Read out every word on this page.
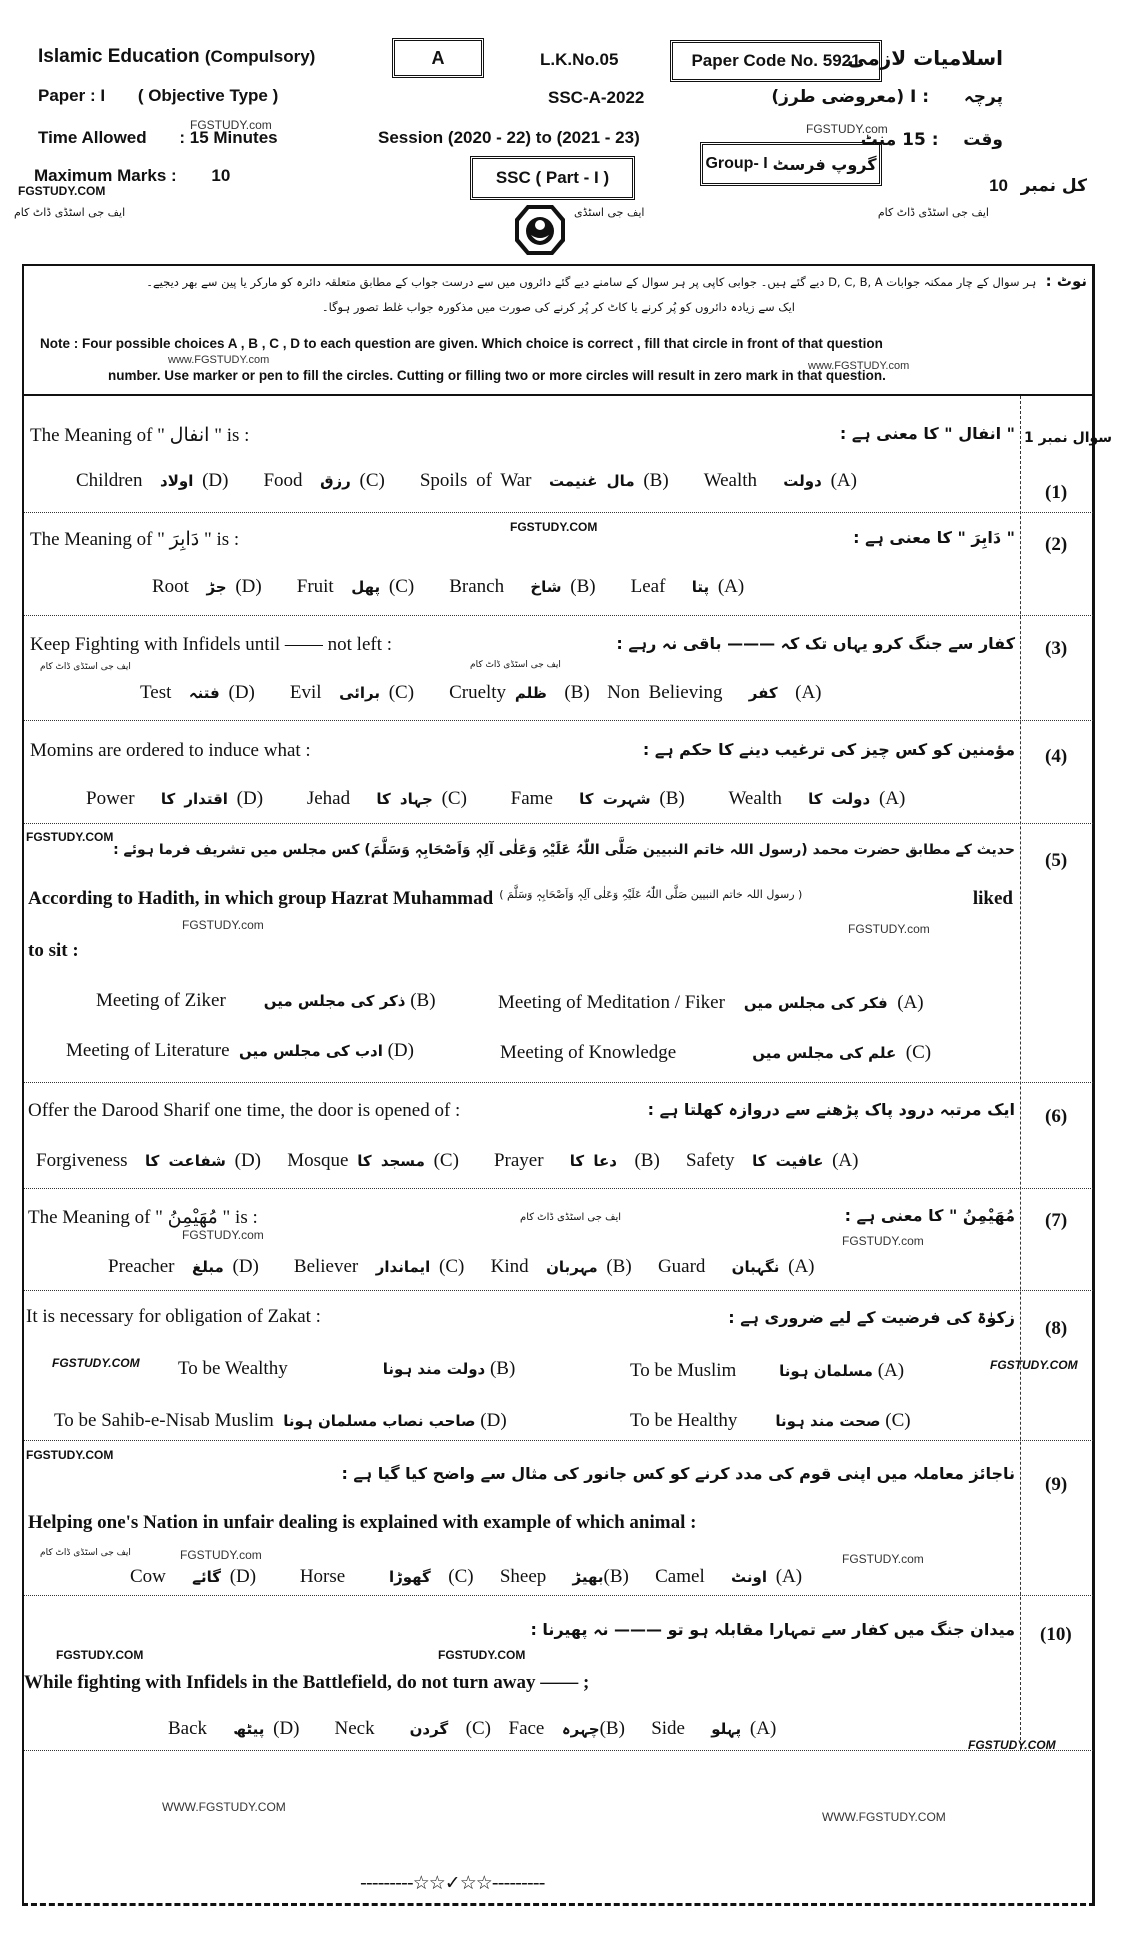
Islamic Education (Compulsory)	A	L.K.No.05	Paper Code No. 5921
اسلامیات لازمی
Paper : I ( Objective Type )	SSC-A-2022	: I (معروضی طرز) پرچہ
Time Allowed : 15 Minutes
FGSTUDY.com
Session (2020 - 22) to (2021 - 23)	FGSTUDY.com
: 15 منٹ وقت
Group- I گروپ فرسٹ
Maximum Marks : 10	SSC ( Part - I )	10 کل نمبر
FGSTUDY.COM
ایف جی اسٹڈی ڈاٹ کام	ایف جی اسٹڈی ڈاٹ کام
ایف جی اسٹڈی
ہر سوال کے چار ممکنہ جوابات D, C, B, A دیے گئے ہیں۔ جوابی کاپی پر ہر سوال کے سامنے دیے گئے دائروں میں سے درست جواب کے مطابق متعلقہ دائرہ کو مارکر یا پین سے بھر دیجیے۔ نوٹ :
ایک سے زیادہ دائروں کو پُر کرنے یا کاٹ کر پُر کرنے کی صورت میں مذکورہ جواب غلط تصور ہوگا۔
Note : Four possible choices A , B , C , D to each question are given. Which choice is correct , fill that circle in front of that question
www.FGSTUDY.com	www.FGSTUDY.com
number. Use marker or pen to fill the circles. Cutting or filling two or more circles will result in zero mark in that question.
سوال نمبر 1
The Meaning of " انفال " is :	" انفال " کا معنی ہے :
Children اولاد (D) Food رزق (C) Spoils of War مال غنیمت (B) Wealth دولت (A)
(1)
FGSTUDY.COM
The Meaning of " دَابِرَ " is :	" دَابِرَ " کا معنی ہے : (2)
Root جڑ (D) Fruit پھل (C) Branch شاخ (B) Leaf پتا (A)
Keep Fighting with Infidels until —— not left :	کفار سے جنگ کرو یہاں تک کہ ——— باقی نہ رہے : (3)
ایف جی اسٹڈی ڈاٹ کام	ایف جی اسٹڈی ڈاٹ کام
Test فتنہ (D) Evil برائی (C) Cruelty ظلم (B) Non Believing کفر (A)
Momins are ordered to induce what :	مؤمنین کو کس چیز کی ترغیب دینے کا حکم ہے : (4)
Power اقتدار کا (D) Jehad جہاد کا (C) Fame شہرت کا (B) Wealth دولت کا (A)
FGSTUDY.COM
حدیث کے مطابق حضرت محمد (رسول اللہ خاتم النبیین صَلَّی اللّٰہُ عَلَیْہِ وَعَلٰی آلِہٖ وَاَصْحَابِہٖ وَسَلَّمَ) کس مجلس میں تشریف فرما ہوئے : (5)
According to Hadith, in which group Hazrat Muhammad ( رسول اللہ خاتم النبیین صَلَّی اللّٰہُ عَلَیْہِ وَعَلٰی آلِہٖ وَاَصْحَابِہٖ وَسَلَّمَ )	liked
FGSTUDY.com	FGSTUDY.com
to sit :
Meeting of Ziker	ذکر کی مجلس میں (B)	Meeting of Meditation / Fiker فکر کی مجلس میں (A)
Meeting of Literature ادب کی مجلس میں (D)	Meeting of Knowledge	علم کی مجلس میں (C)
Offer the Darood Sharif one time, the door is opened of :	ایک مرتبہ درود پاک پڑھنے سے دروازہ کھلتا ہے : (6)
Forgiveness شفاعت کا (D) Mosque مسجد کا (C) Prayer دعا کا (B) Safety عافیت کا (A)
The Meaning of " مُهَيْمِنُ " is :	ایف جی اسٹڈی ڈاٹ کام
FGSTUDY.com
مُهَيْمِنُ " کا معنی ہے :
FGSTUDY.com
(7)
Preacher مبلغ (D) Believer ایماندار (C) Kind مہربان (B) Guard نگہبان (A)
It is necessary for obligation of Zakat :	زکوٰۃ کی فرضیت کے لیے ضروری ہے :
(8)
FGSTUDY.COM To be Wealthy	دولت مند ہونا (B)	To be Muslim	مسلمان ہونا (A)	FGSTUDY.COM
To be Sahib-e-Nisab Muslim صاحب نصاب مسلمان ہونا (D)	To be Healthy	صحت مند ہونا (C)
FGSTUDY.COM
ناجائز معاملہ میں اپنی قوم کی مدد کرنے کو کس جانور کی مثال سے واضح کیا گیا ہے :
(9)
Helping one's Nation in unfair dealing is explained with example of which animal :
FGSTUDY.com
ایف جی اسٹڈی ڈاٹ کام	FGSTUDY.com
Cow گائے (D) Horse	گھوڑا (C) Sheep بھیڑ(B) Camel اونٹ (A)
میدان جنگ میں کفار سے تمہارا مقابلہ ہو تو ——— نہ پھیرنا : (10)
FGSTUDY.COM	FGSTUDY.COM
While fighting with Infidels in the Battlefield, do not turn away —— ;
Back پیٹھ (D) Neck گردن (C) Face چہرہ(B) Side پہلو (A)
FGSTUDY.COM
WWW.FGSTUDY.COM
WWW.FGSTUDY.COM
---------☆☆✓☆☆---------
